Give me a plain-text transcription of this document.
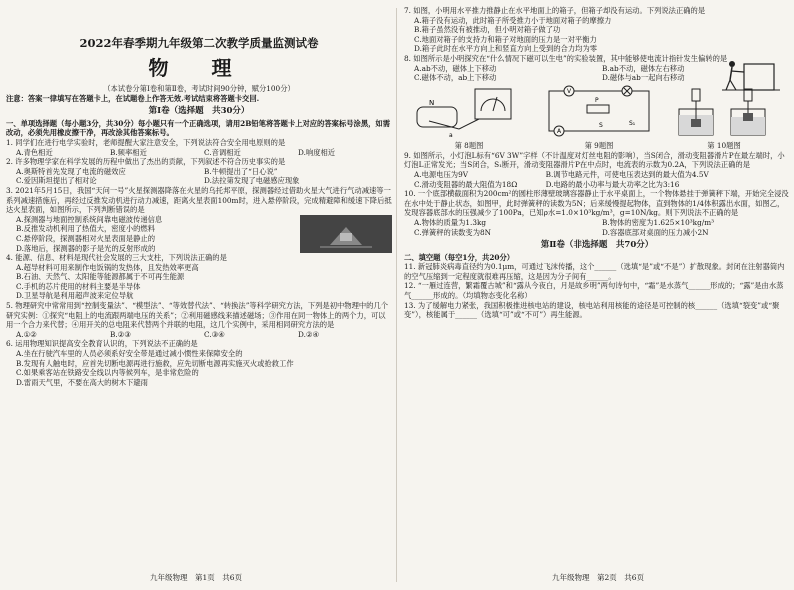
2022年春季期九年级第二次教学质量监测试卷
物 理

（本试卷分第Ⅰ卷和第Ⅱ卷，考试时间90分钟，赋分100分）

注意：答案一律填写在答题卡上，在试题卷上作答无效.考试结束将答题卡交回.

第Ⅰ卷（选择题　共30分）

一、单项选择题（每小题3分，共30分）每小题只有一个正确选项，请用2B铅笔将答题卡上对应的答案标号涂黑，如需改动，必须先用橡皮擦干净，再改涂其他答案标号。

1. 同学们在进行电学实验时，老师提醒大家注意安全，下列说法符合安全用电原则的是

A.青色相近	B.频率相近	C.音调相近	D.响度相近

2. 许多物理学家在科学发展的历程中做出了杰出的贡献，下列叙述不符合历史事实的是

A.奥斯特首先发现了电流的磁效应	B.牛顿提出了“日心说”
C.爱因斯坦提出了相对论	D.法拉第发现了电磁感应现象

3. 2021年5月15日，我国“天问一号”火星探测器降落在火星的乌托邦平原，探测器经过借助火星大气进行气动减速等一系列减速措施后，再经过反推发动机进行动力减速，距离火星表面100m时，进入悬停阶段，完成精避障和缓速下降后抵达火星表面，如图所示，下列判断错误的是

A.探测器与地面控制系统间靠电磁波传递信息

B.反推发动机利用了热值大，密度小的燃料

C.悬停阶段，探测器相对火星表面是静止的

D.落地后，探测器的影子是光的反射形成的

4. 能源、信息、材料是现代社会发展的三大支柱，下列说法正确的是

A.超导材料可用来制作电饭锅的发热体，且发热效率更高

B.石油、天然气、太阳能等能源都属于不可再生能源

C.手机的芯片使用的材料主要是半导体

D.卫星导航是利用超声波来定位导航

5. 物理研究中常常用到“控制变量法”、“模型法”、“等效替代法”、“转换法”等科学研究方法，下列是初中物理中的几个研究实例：①探究“电阻上的电流跟两端电压的关系”；②利用磁感线来描述磁场；③作用在同一物体上的两个力，可以用一个合力来代替；④用开关的总电阻来代替两个并联的电阻，这几个实例中，采用相同研究方法的是

A.①②	B.②③	C.③④	D.②④

6. 运用物理知识提高安全教育认识的，下列说法不正确的是

A.坐在行驶汽车里的人员必须系好安全带是通过减小惯性来保障安全的

B.发现有人触电时，应首先切断电源再进行施救，应先切断电源再实施灭火或抢救工作

C.如果乘客站在铁路安全线以内等候列车，是非常危险的

D.雷雨天气里，不要在高大的树木下避雨

九年级物理　第1页　共6页

7. 如图，小明用水平推力推静止在水平地面上的箱子，但箱子却没有运动。下列说法正确的是

A.箱子没有运动，此时箱子所受推力小于地面对箱子的摩擦力

B.箱子虽然没有被推动，但小明对箱子做了功

C.地面对箱子的支持力和箱子对地面的压力是一对平衡力

D.箱子此时在水平方向上和竖直方向上受到的合力均为零

8. 如图所示是小明探究在“什么情况下磁可以生电”的实验装置，其中能够使电流计指针发生偏转的是

A.ab不动，磁体上下移动	B.ab不动，磁体左右移动
C.磁体不动，ab上下移动	D.磁体与ab一起向右移动
N
a
第 8题图
V
P
A
S	S₁
第 9题图	第 10题图

9. 如图所示，小灯泡L标有“6V 3W”字样（不计温度对灯丝电阻的影响），当S闭合，滑动变阻器滑片P在最左端时，小灯泡L正常发光；当S闭合，S₁断开，滑动变阻器滑片P在中点时，电流表的示数为0.2A，下列说法正确的是

A.电源电压为9V	B.调节电路元件，可使电压表达到的最大值为4.5V
C.滑动变阻器的最大阻值为18Ω	D.电路的最小功率与最大功率之比为3:16

10. 一个底部横截面积为200cm²的圆柱形薄壁玻璃容器静止于水平桌面上，一个物体悬挂于弹簧秤下端，开始完全浸没在水中处于静止状态，如图甲，此时弹簧秤的读数为5N；后来缓慢提起物体，直到物体的1/4体积露出水面，如图乙，发现容器底部水的压强减少了100Pa，已知ρ水=1.0×10³kg/m³，g=10N/kg。则下列说法不正确的是

A.物体的质量为1.3kg	B.物体的密度为1.625×10³kg/m³
C.弹簧秤的读数变为8N	D.容器底部对桌面的压力减小2N
第Ⅱ卷（非选择题　共70分）

二、填空题（每空1分，共20分）

11. 新冠肺炎病毒直径约为0.1μm，可通过飞沫传播，这个______（选填“是”或“不是”）扩散现象。封闭在注射器筒内的空气压缩到一定程度就很难再压缩，这是因为分子间有______。

12. “一雁过连营，繁霜覆古城”和“露从今夜白，月是故乡明”两句诗句中，“霜”是水蒸气______形成的；“露”是由水蒸气______形成的。（均填物态变化名称）

13. 为了缓解电力紧张，我国积极推进核电站的建设，核电站利用核能的途径是可控制的核______（选填“裂变”或“聚变”），核能属于______（选填“可”或“不可”）再生能源。

九年级物理　第2页　共6页
